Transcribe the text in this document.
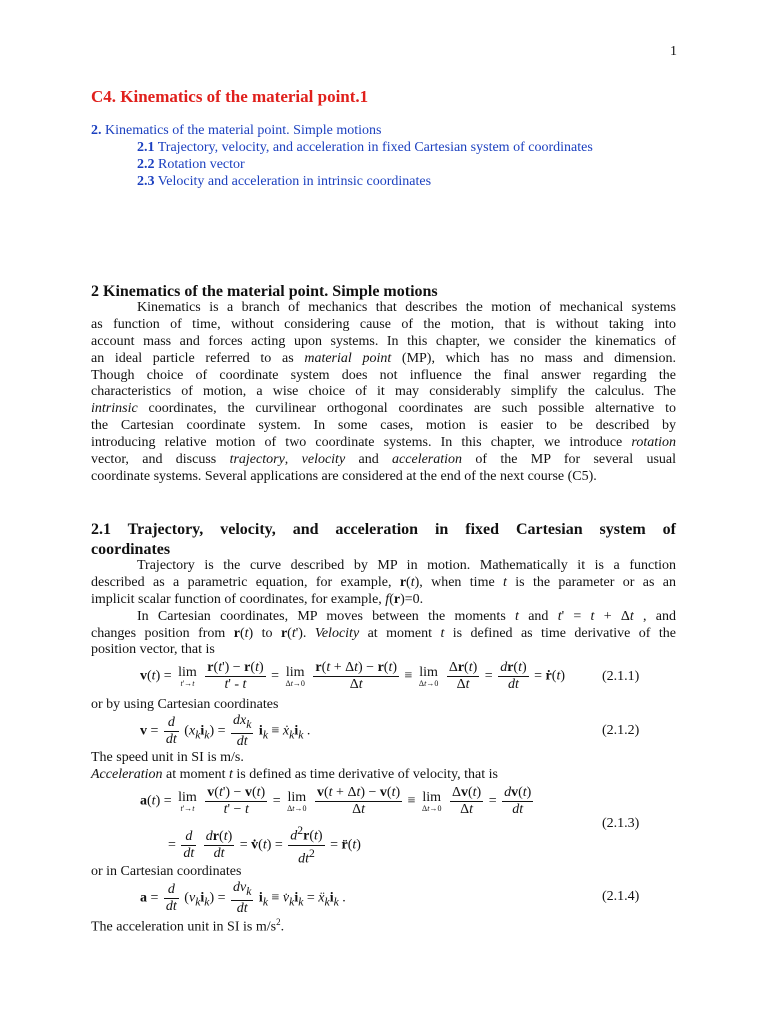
1
C4. Kinematics of the material point.1
2. Kinematics of the material point. Simple motions
2.1 Trajectory, velocity, and acceleration in fixed Cartesian system of coordinates
2.2 Rotation vector
2.3 Velocity and acceleration in intrinsic coordinates
2 Kinematics of the material point. Simple motions
Kinematics is a branch of mechanics that describes the motion of mechanical systems
as function of time, without considering cause of the motion, that is without taking into
account mass and forces acting upon systems. In this chapter, we consider the kinematics of
an ideal particle referred to as material point (MP), which has no mass and dimension.
Though choice of coordinate system does not influence the final answer regarding the
characteristics of motion, a wise choice of it may considerably simplify the calculus. The
intrinsic coordinates, the curvilinear orthogonal coordinates are such possible alternative to
the Cartesian coordinate system. In some cases, motion is easier to be described by
introducing relative motion of two coordinate systems. In this chapter, we introduce rotation
vector, and discuss trajectory, velocity and acceleration of the MP for several usual
coordinate systems. Several applications are considered at the end of the next course (C5).
2.1 Trajectory, velocity, and acceleration in fixed Cartesian system of
coordinates
Trajectory is the curve described by MP in motion. Mathematically it is a function
described as a parametric equation, for example, r(t), when time t is the parameter or as an
implicit scalar function of coordinates, for example, f(r)=0.
In Cartesian coordinates, MP moves between the moments t and t' = t + Δt , and
changes position from r(t) to r(t'). Velocity at moment t is defined as time derivative of the
position vector, that is
v(t) = lim
t'→t
$\frac{r(t') - r(t)}{t' - t} = \lim$
Δt→0
$\frac{r(t + \Delta t) - r(t)}{\Delta t} \equiv \lim$
Δt→0
$\frac{\Delta r(t)}{\Delta t} = \frac{dr(t)}{dt}$ = ṙ(t)	(2.1.1)
or by using Cartesian coordinates
$v = \frac{d}{dt} (x_ki_k) = \frac{dx_k}{dt} i_k$ ≡ $ẋ_ki_k$ .	(2.1.2)
The speed unit in SI is m/s.
Acceleration at moment t is defined as time derivative of velocity, that is
a(t) = lim
t'→t
$\frac{v(t') - v(t)}{t' - t} = \lim$
Δt→0
$\frac{v(t + \Delta t) - v(t)}{\Delta t} \equiv \lim$
Δt→0
$\frac{\Delta v(t)}{\Delta t} = \frac{dv(t)}{dt}$
= $\frac{d}{dt}$
$\frac{dr(t)}{dt}$ = v̇(t) = $\frac{d^2r(t)}{dt^2}$ = r̈(t)
(2.1.3)
or in Cartesian coordinates
$a = \frac{d}{dt} (v_ki_k) = \frac{dv_k}{dt} i_k$ ≡ $v̇_ki_k$ = $ẍ_ki_k$ .	(2.1.4)
The acceleration unit in SI is $m/s^2$.
